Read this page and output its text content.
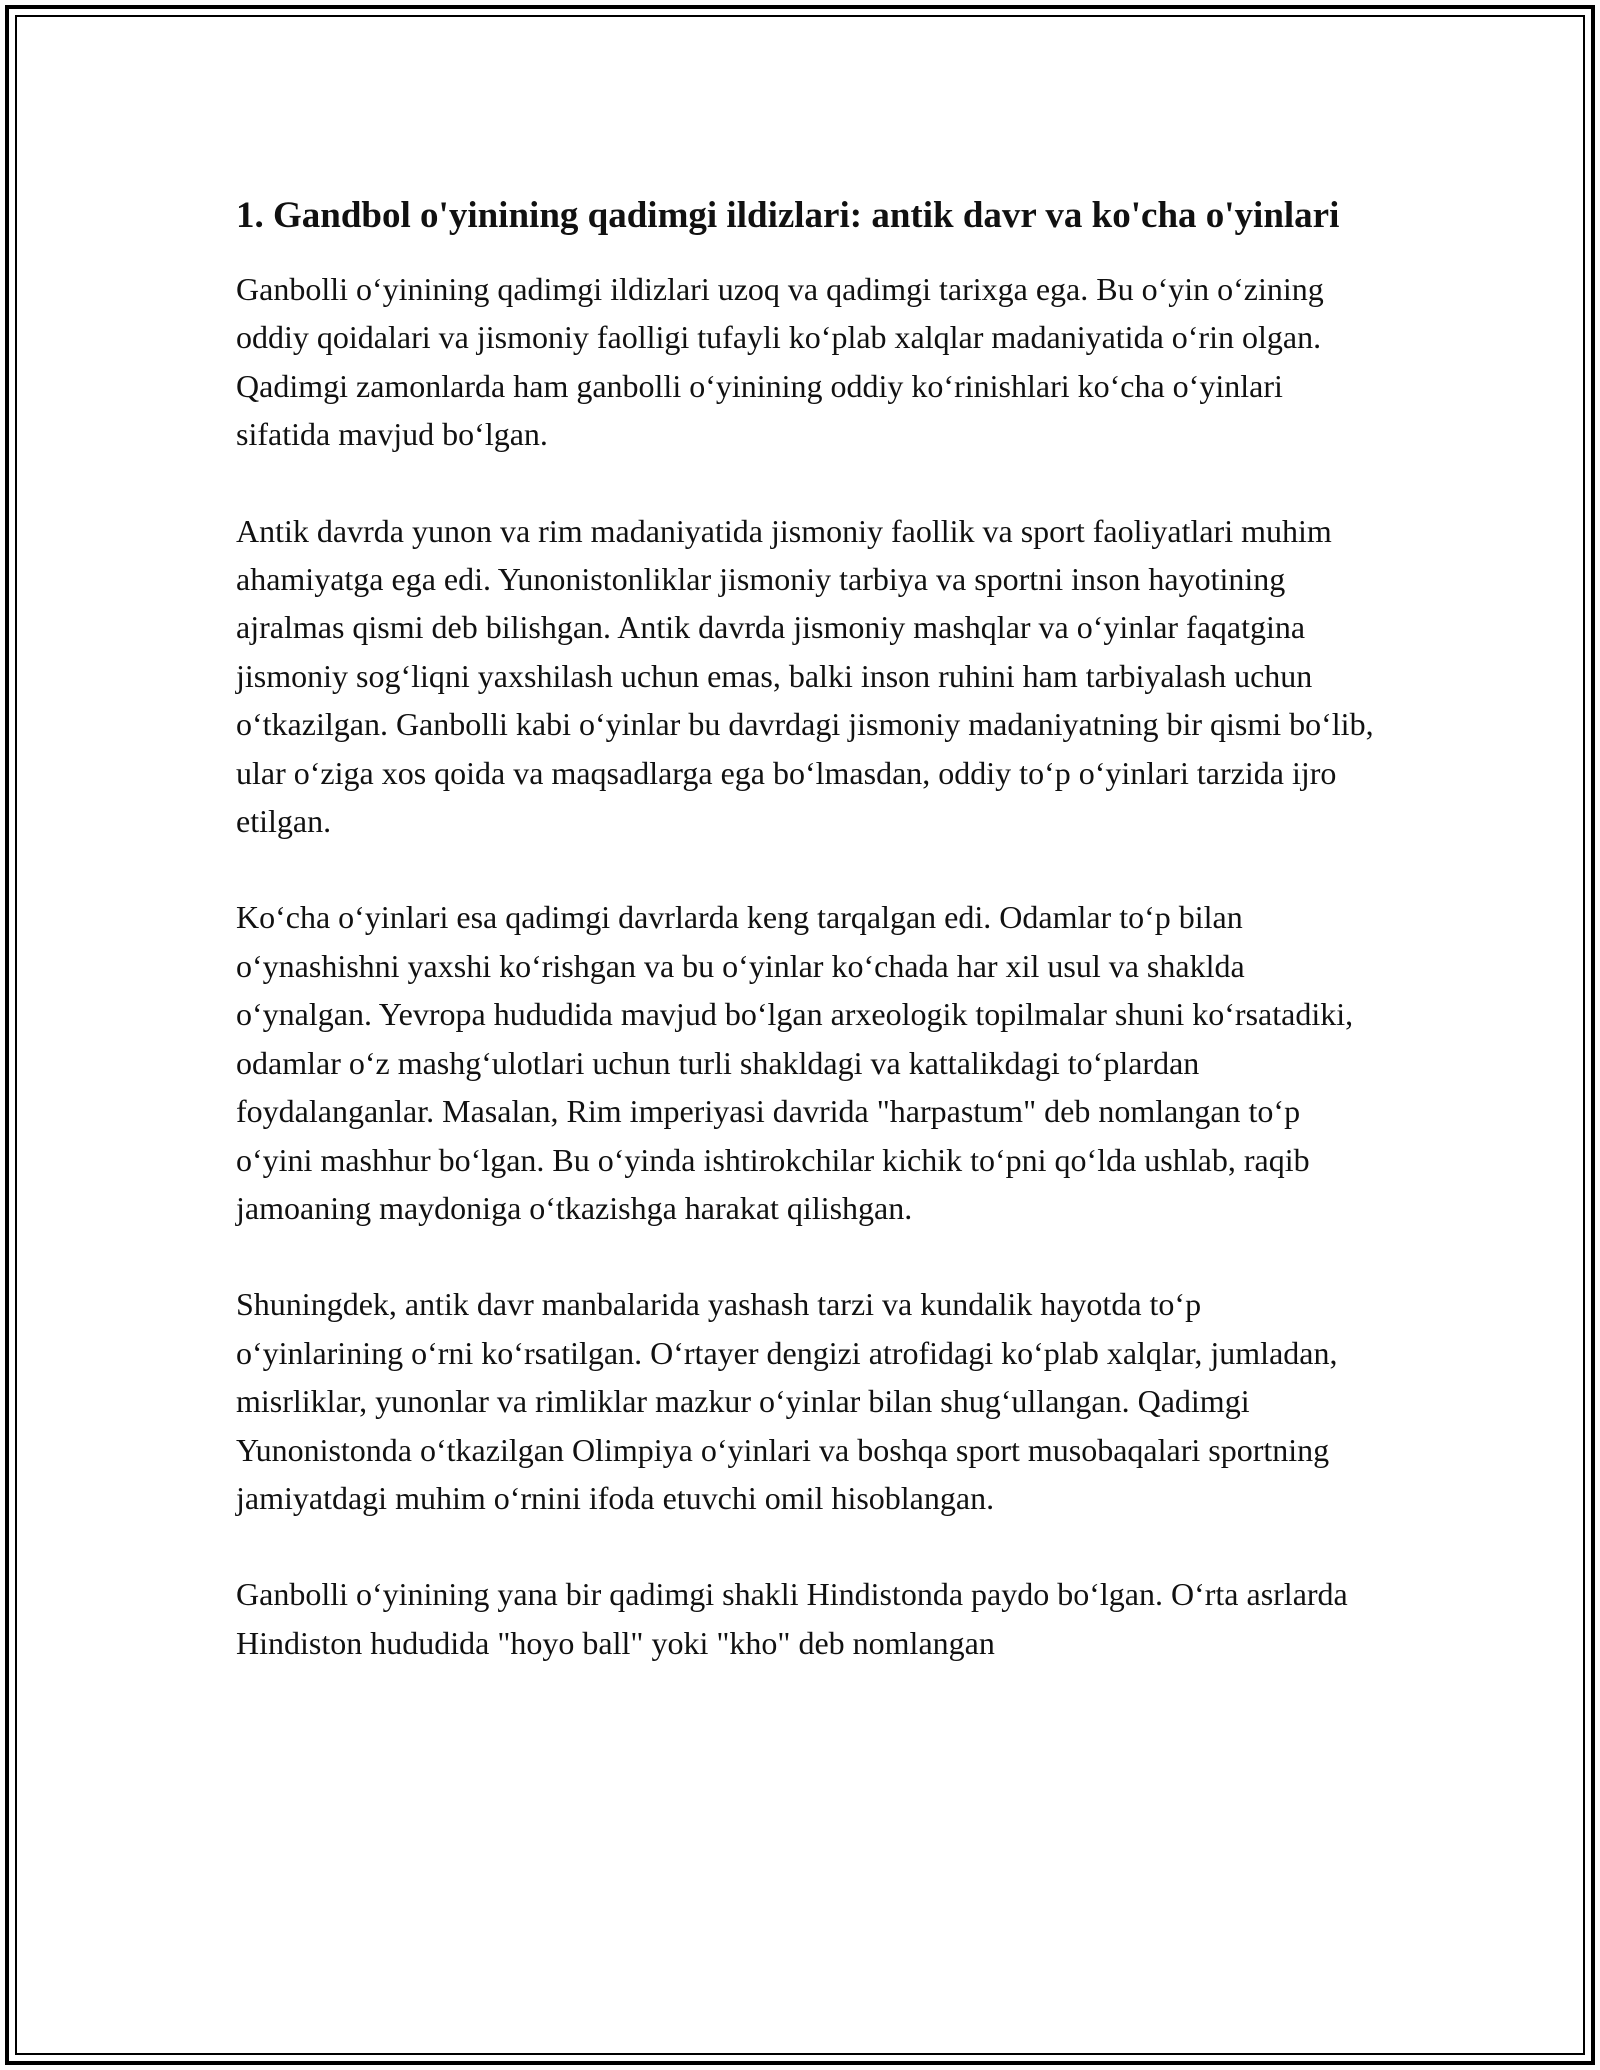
1. Gandbol o'yinining qadimgi ildizlari: antik davr va ko'cha o'yinlari

Ganbolli o‘yinining qadimgi ildizlari uzoq va qadimgi tarixga ega. Bu o‘yin o‘zining oddiy qoidalari va jismoniy faolligi tufayli ko‘plab xalqlar madaniyatida o‘rin olgan. Qadimgi zamonlarda ham ganbolli o‘yinining oddiy ko‘rinishlari ko‘cha o‘yinlari sifatida mavjud bo‘lgan.

Antik davrda yunon va rim madaniyatida jismoniy faollik va sport faoliyatlari muhim ahamiyatga ega edi. Yunonistonliklar jismoniy tarbiya va sportni inson hayotining ajralmas qismi deb bilishgan. Antik davrda jismoniy mashqlar va o‘yinlar faqatgina jismoniy sog‘liqni yaxshilash uchun emas, balki inson ruhini ham tarbiyalash uchun o‘tkazilgan. Ganbolli kabi o‘yinlar bu davrdagi jismoniy madaniyatning bir qismi bo‘lib, ular o‘ziga xos qoida va maqsadlarga ega bo‘lmasdan, oddiy to‘p o‘yinlari tarzida ijro etilgan.

Ko‘cha o‘yinlari esa qadimgi davrlarda keng tarqalgan edi. Odamlar to‘p bilan o‘ynashishni yaxshi ko‘rishgan va bu o‘yinlar ko‘chada har xil usul va shaklda o‘ynalgan. Yevropa hududida mavjud bo‘lgan arxeologik topilmalar shuni ko‘rsatadiki, odamlar o‘z mashg‘ulotlari uchun turli shakldagi va kattalikdagi to‘plardan foydalanganlar. Masalan, Rim imperiyasi davrida "harpastum" deb nomlangan to‘p o‘yini mashhur bo‘lgan. Bu o‘yinda ishtirokchilar kichik to‘pni qo‘lda ushlab, raqib jamoaning maydoniga o‘tkazishga harakat qilishgan.

Shuningdek, antik davr manbalarida yashash tarzi va kundalik hayotda to‘p o‘yinlarining o‘rni ko‘rsatilgan. O‘rtayer dengizi atrofidagi ko‘plab xalqlar, jumladan, misrliklar, yunonlar va rimliklar mazkur o‘yinlar bilan shug‘ullangan. Qadimgi Yunonistonda o‘tkazilgan Olimpiya o‘yinlari va boshqa sport musobaqalari sportning jamiyatdagi muhim o‘rnini ifoda etuvchi omil hisoblangan.

Ganbolli o‘yinining yana bir qadimgi shakli Hindistonda paydo bo‘lgan. O‘rta asrlarda Hindiston hududida "hoyo ball" yoki "kho" deb nomlangan
